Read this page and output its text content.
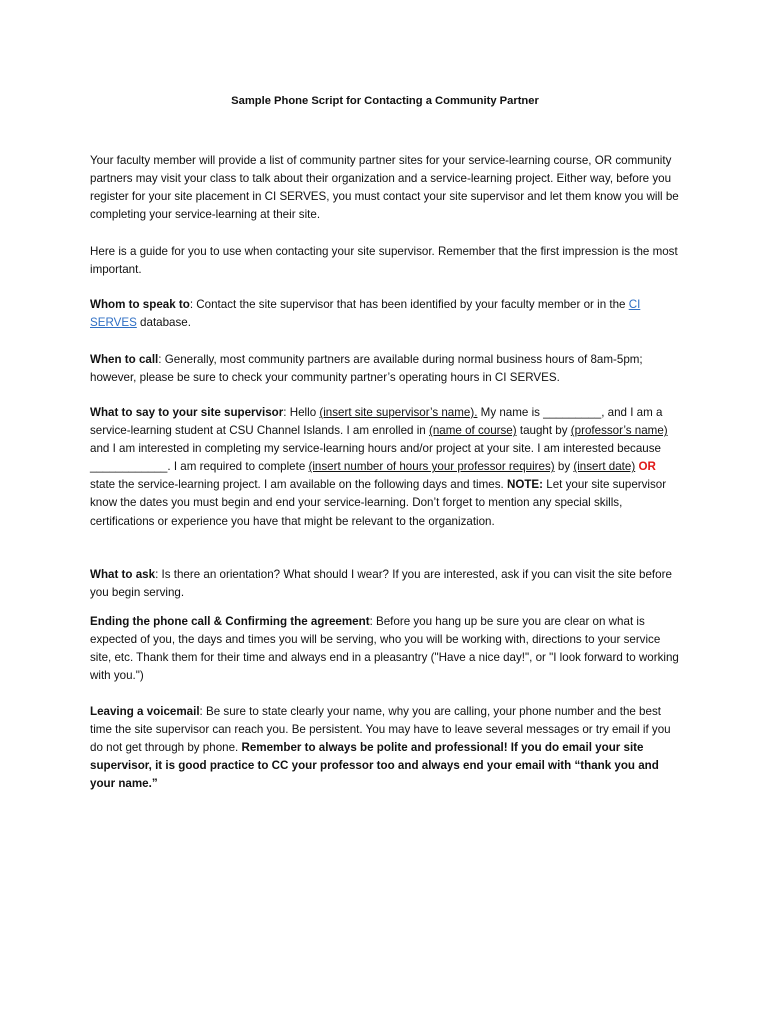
Sample Phone Script for Contacting a Community Partner

Your faculty member will provide a list of community partner sites for your service-learning course, OR community partners may visit your class to talk about their organization and a service-learning project. Either way, before you register for your site placement in CI SERVES, you must contact your site supervisor and let them know you will be completing your service-learning at their site.

Here is a guide for you to use when contacting your site supervisor. Remember that the first impression is the most important.

Whom to speak to: Contact the site supervisor that has been identified by your faculty member or in the CI SERVES database.

When to call: Generally, most community partners are available during normal business hours of 8am-5pm; however, please be sure to check your community partner’s operating hours in CI SERVES.

What to say to your site supervisor: Hello (insert site supervisor’s name). My name is _________, and I am a service-learning student at CSU Channel Islands. I am enrolled in (name of course) taught by (professor’s name) and I am interested in completing my service-learning hours and/or project at your site. I am interested because ____________. I am required to complete (insert number of hours your professor requires) by (insert date) OR state the service-learning project. I am available on the following days and times. NOTE: Let your site supervisor know the dates you must begin and end your service-learning. Don’t forget to mention any special skills, certifications or experience you have that might be relevant to the organization.

What to ask: Is there an orientation? What should I wear? If you are interested, ask if you can visit the site before you begin serving.

Ending the phone call & Confirming the agreement: Before you hang up be sure you are clear on what is expected of you, the days and times you will be serving, who you will be working with, directions to your service site, etc. Thank them for their time and always end in a pleasantry ("Have a nice day!", or "I look forward to working with you.")

Leaving a voicemail: Be sure to state clearly your name, why you are calling, your phone number and the best time the site supervisor can reach you. Be persistent. You may have to leave several messages or try email if you do not get through by phone. Remember to always be polite and professional! If you do email your site supervisor, it is good practice to CC your professor too and always end your email with “thank you and your name.”
